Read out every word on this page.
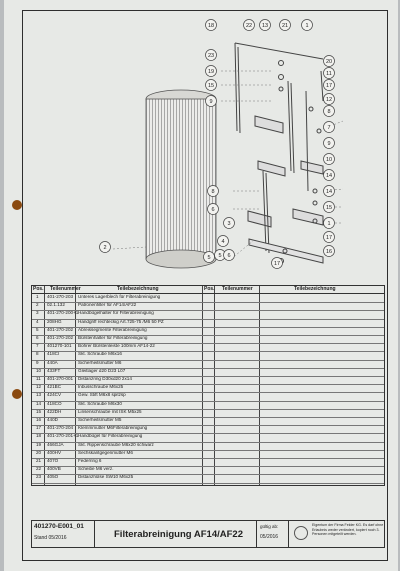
18	22 13	21	1
23
19
15
9
8
6
3
4
5
20
11
17
12
8
7
9
10
14
14
15
1
17
16
2
5	6
17
Pos. Teilenummer	Teilebezeichnung	Pos. Teilenummer	Teilebezeichnung
1 401-270-203 Unteres Lagerblech für Filterabreinigung
2 02.1.132	Patronenfilter für AF14/AF22
3 401-270-200+1 Handbügelhalter für Filterabreinigung
4 208HG	Handgriff rechteckig Art.725-75 /M6 50 PZ
5 401-270-202 Abreissegmente Filterabreinigung
6 401-270-202 Bürstenhalter für Filterabreinigung
7 401270-101 Bohrer Bürstenleiste 100mm AF14-22
8 418CI	Skt. Schraube M6x16
9 440A	Sicherheitsmutter M6
10 433FT	Gleitlager d20 D23 L07
11 401-270-001 Distanzring D30xd20 2x14
12 421BC	Inbusschraube M6x25
13 424CV	Gew. Stift M6x8 spitzsp
14 418CO	Skt. Schraube M6x30
15 422DH	Linsenschraube mit ISK M5x25
16 440D	Sicherheitsmutter M5
17 401-270-204 Klemmmutter M6Filterabreinigung
18 401-270-201+1 Handbügel für Filterabreinigung
19 466GJA	Skt. Rippenschraube M6x20 schwarz
20 400HV	Sechskantgegenmutter M6
21 407O	Federring 6
22 400VB	Scheibe M6 verz.
23 405O	Distanzhülse SW10 M6x25
401270-E001_01
Stand 05/2016	Filterabreinigung AF14/AF22
gültig ab:
05/2016
Eigentum der Firma Felder KG. Es darf ohne Erlaubnis weder verändert, kopiert noch 3. Personen mitgeteilt werden.
